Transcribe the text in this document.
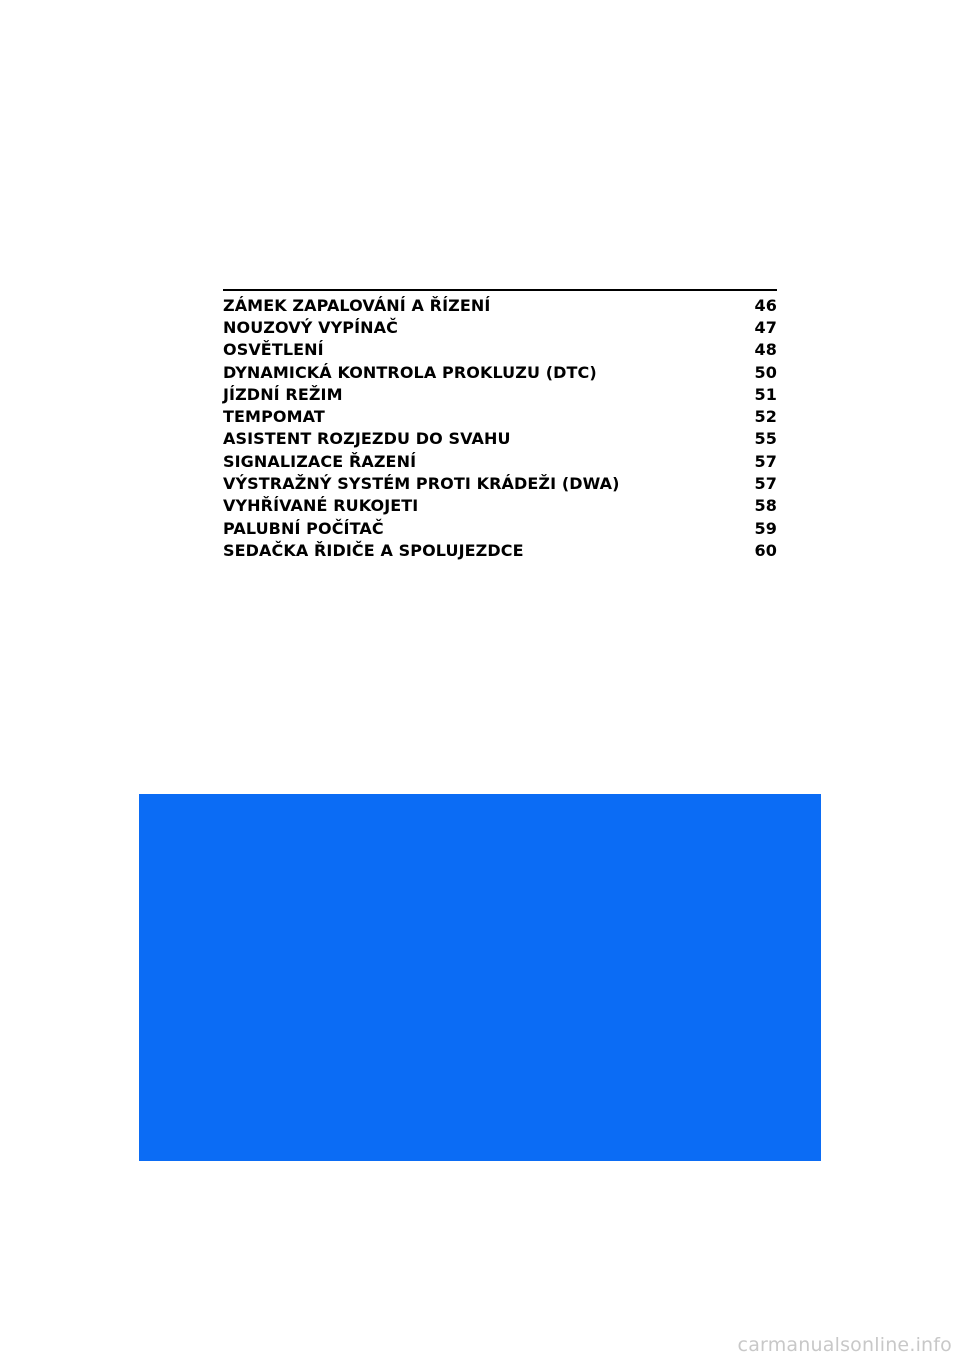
ZÁMEK ZAPALOVÁNÍ A ŘÍZENÍ	46
NOUZOVÝ VYPÍNAČ	47
OSVĚTLENÍ	48
DYNAMICKÁ KONTROLA PROKLUZU (DTC)	50
JÍZDNÍ REŽIM	51
TEMPOMAT	52
ASISTENT ROZJEZDU DO SVAHU	55
SIGNALIZACE ŘAZENÍ	57
VÝSTRAŽNÝ SYSTÉM PROTI KRÁDEŽI (DWA)	57
VYHŘÍVANÉ RUKOJETI	58
PALUBNÍ POČÍTAČ	59
SEDAČKA ŘIDIČE A SPOLUJEZDCE	60
carmanualsonline.info
